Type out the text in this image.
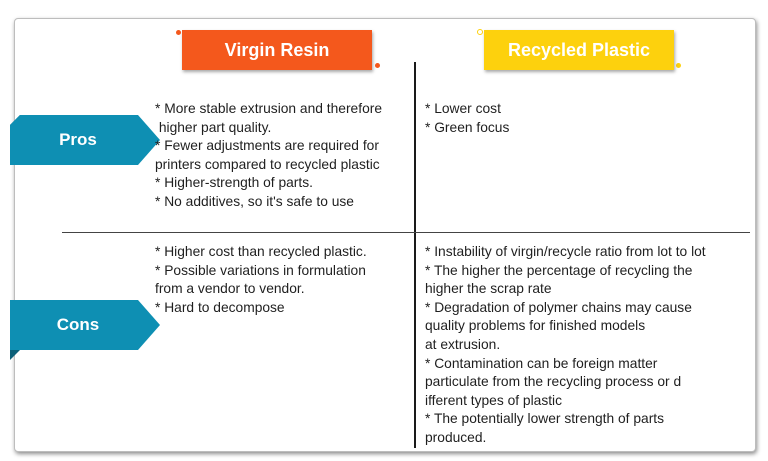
Virgin Resin	Recycled Plastic
Pros
Cons

* More stable extrusion and therefore
higher part quality.
* Fewer adjustments are required for
printers compared to recycled plastic
* Higher-strength of parts.
* No additives, so it's safe to use

* Lower cost
* Green focus

* Higher cost than recycled plastic.
* Possible variations in formulation
from a vendor to vendor.
* Hard to decompose

* Instability of virgin/recycle ratio from lot to lot
* The higher the percentage of recycling the
higher the scrap rate
* Degradation of polymer chains may cause
quality problems for finished models
at extrusion.
* Contamination can be foreign matter
particulate from the recycling process or d
ifferent types of plastic
* The potentially lower strength of parts
produced.
